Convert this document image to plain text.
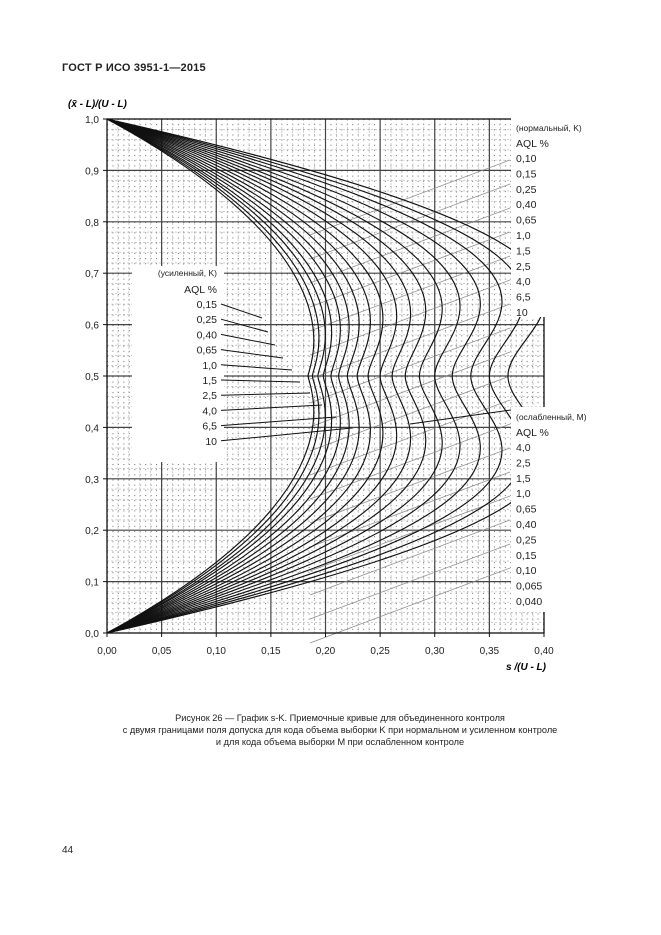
ГОСТ Р ИСО 3951-1—2015
0,00	0,05	0,10	0,15	0,20	0,25	0,30	0,35	0,40
0,0
0,1
0,2
0,3
0,4
0,5
0,6
0,7
0,8
0,9
1,0
(нормальный, K)
AQL %
0,10
0,15
0,25
0,40
0,65
1,0
1,5
2,5
4,0
6,5
10
(усиленный, K)
AQL %
0,15
0,25
0,40
0,65
1,0
1,5
2,5
4,0
6,5
10
(ослабленный, M)
AQL %
4,0
2,5
1,5
1,0
0,65
0,40
0,25
0,15
0,10
0,065
0,040
(x̄ - L)/(U - L)
s /(U - L)
Рисунок 26 — График s-K. Приемочные кривые для объединенного контроля
с двумя границами поля допуска для кода объема выборки K при нормальном и усиленном контроле
и для кода объема выборки M при ослабленном контроле
44
